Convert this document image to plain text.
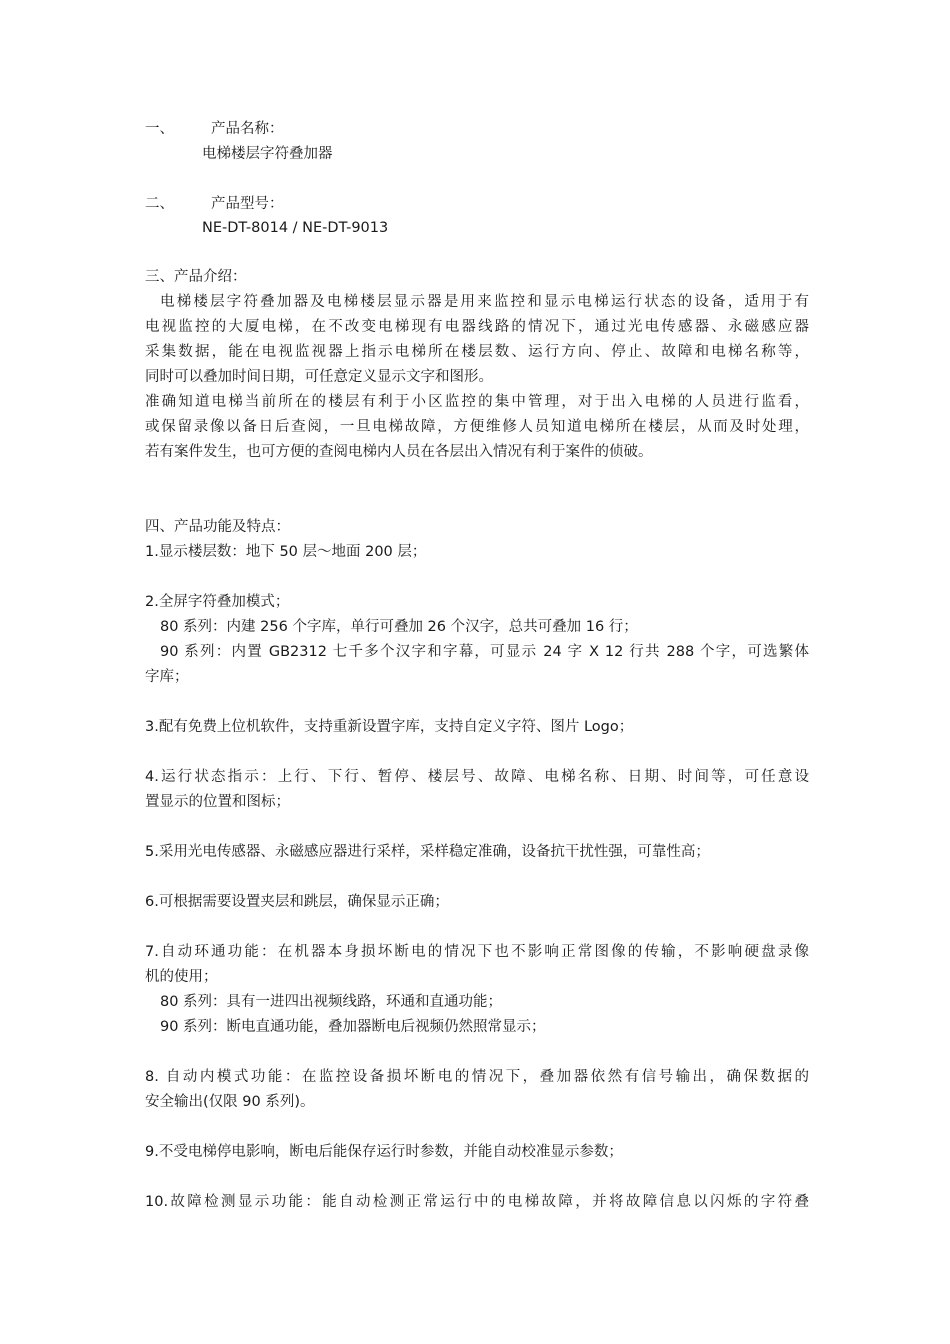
一、	产品名称：
电梯楼层字符叠加器
二、	产品型号：
NE-DT-8014 / NE-DT-9013
三、产品介绍：
电梯楼层字符叠加器及电梯楼层显示器是用来监控和显示电梯运行状态的设备，适用于有
电视监控的大厦电梯，在不改变电梯现有电器线路的情况下，通过光电传感器、永磁感应器
采集数据，能在电视监视器上指示电梯所在楼层数、运行方向、停止、故障和电梯名称等，
同时可以叠加时间日期，可任意定义显示文字和图形。
准确知道电梯当前所在的楼层有利于小区监控的集中管理，对于出入电梯的人员进行监看，
或保留录像以备日后查阅，一旦电梯故障，方便维修人员知道电梯所在楼层，从而及时处理，
若有案件发生，也可方便的查阅电梯内人员在各层出入情况有利于案件的侦破。
四、产品功能及特点：
1.显示楼层数：地下 50 层～地面 200 层；
2.全屏字符叠加模式；
80 系列：内建 256 个字库，单行可叠加 26 个汉字，总共可叠加 16 行；
90 系列：内置 GB2312 七千多个汉字和字幕，可显示 24 字 X 12 行共 288 个字，可选繁体
字库；
3.配有免费上位机软件，支持重新设置字库，支持自定义字符、图片 Logo；
4.运行状态指示：上行、下行、暂停、楼层号、故障、电梯名称、日期、时间等，可任意设
置显示的位置和图标；
5.采用光电传感器、永磁感应器进行采样，采样稳定准确，设备抗干扰性强，可靠性高；
6.可根据需要设置夹层和跳层，确保显示正确；
7.自动环通功能：在机器本身损坏断电的情况下也不影响正常图像的传输，不影响硬盘录像
机的使用；
80 系列：具有一进四出视频线路，环通和直通功能；
90 系列：断电直通功能，叠加器断电后视频仍然照常显示；
8. 自动内模式功能：在监控设备损坏断电的情况下，叠加器依然有信号输出，确保数据的
安全输出(仅限 90 系列)。
9.不受电梯停电影响，断电后能保存运行时参数，并能自动校准显示参数；
10.故障检测显示功能：能自动检测正常运行中的电梯故障，并将故障信息以闪烁的字符叠
